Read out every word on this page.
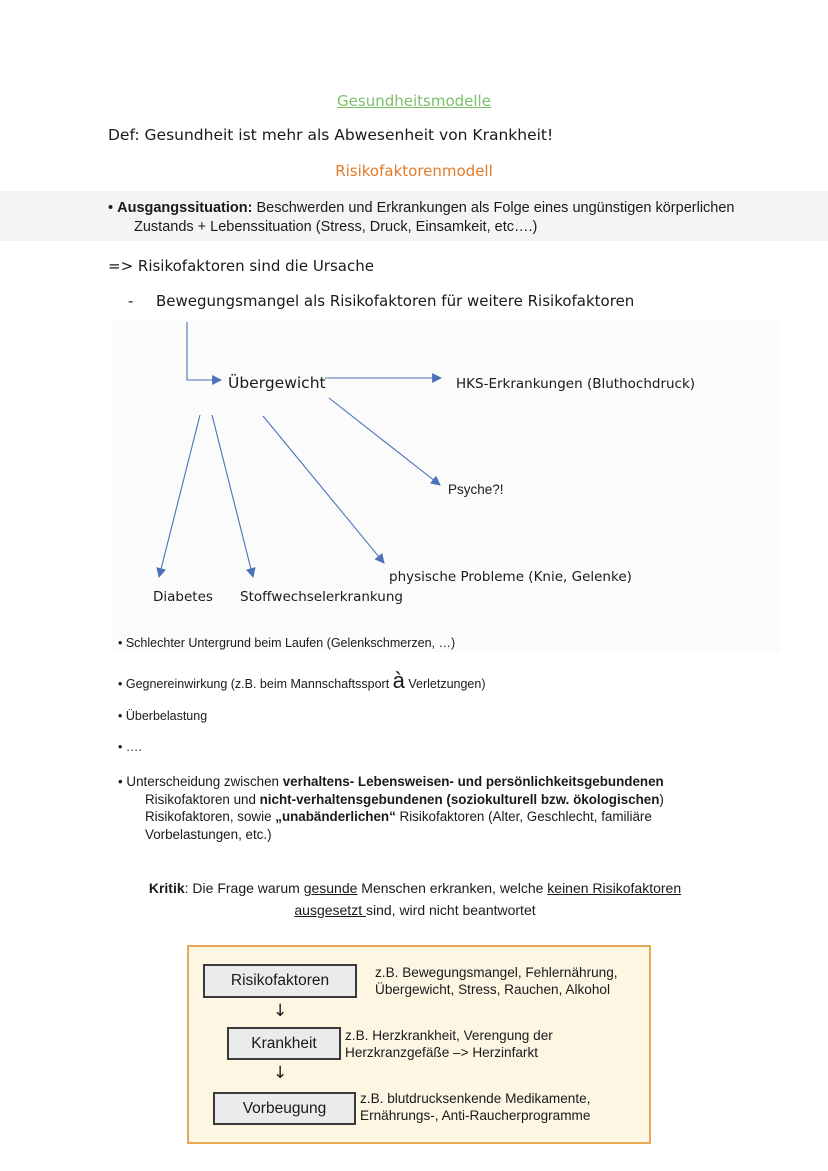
Gesundheitsmodelle
Def: Gesundheit ist mehr als Abwesenheit von Krankheit!
Risikofaktorenmodell
• Ausgangssituation: Beschwerden und Erkrankungen als Folge eines ungünstigen körperlichen
Zustands + Lebenssituation (Stress, Druck, Einsamkeit, etc….)
=> Risikofaktoren sind die Ursache
- Bewegungsmangel als Risikofaktoren für weitere Risikofaktoren
Übergewicht	HKS-Erkrankungen (Bluthochdruck)
Psyche?!
physische Probleme (Knie, Gelenke)
Diabetes Stoffwechselerkrankung
• Schlechter Untergrund beim Laufen (Gelenkschmerzen, …)
• Gegnereinwirkung (z.B. beim Mannschaftssport à Verletzungen)
• Überbelastung
• ….
• Unterscheidung zwischen verhaltens- Lebensweisen- und persönlichkeitsgebundenen
Risikofaktoren und nicht-verhaltensgebundenen (soziokulturell bzw. ökologischen)
Risikofaktoren, sowie „unabänderlichen“ Risikofaktoren (Alter, Geschlecht, familiäre
Vorbelastungen, etc.)
Kritik: Die Frage warum gesunde Menschen erkranken, welche keinen Risikofaktoren
ausgesetzt sind, wird nicht beantwortet
Risikofaktoren	z.B. Bewegungsmangel, Fehlernährung,
Übergewicht, Stress, Rauchen, Alkohol
↓
Krankheit	z.B. Herzkrankheit, Verengung der
Herzkranzgefäße –> Herzinfarkt
↓
Vorbeugung
z.B. blutdrucksenkende Medikamente,
Ernährungs-, Anti-Raucherprogramme
